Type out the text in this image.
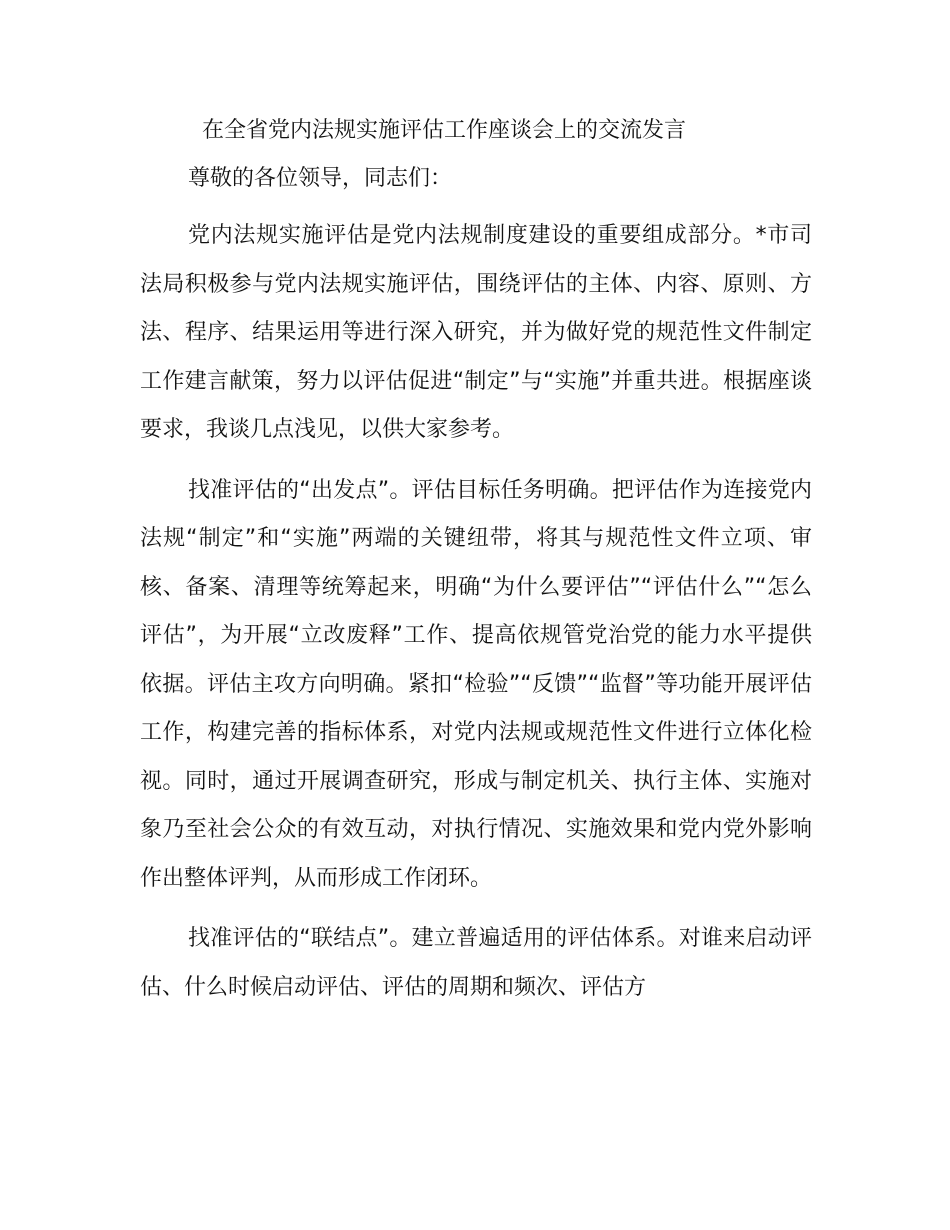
在全省党内法规实施评估工作座谈会上的交流发言

尊敬的各位领导，同志们：

党内法规实施评估是党内法规制度建设的重要组成部分。*市司法局积极参与党内法规实施评估，围绕评估的主体、内容、原则、方法、程序、结果运用等进行深入研究，并为做好党的规范性文件制定工作建言献策，努力以评估促进“制定”与“实施”并重共进。根据座谈要求，我谈几点浅见，以供大家参考。

找准评估的“出发点”。评估目标任务明确。把评估作为连接党内法规“制定”和“实施”两端的关键纽带，将其与规范性文件立项、审核、备案、清理等统筹起来，明确“为什么要评估”“评估什么”“怎么评估”，为开展“立改废释”工作、提高依规管党治党的能力水平提供依据。评估主攻方向明确。紧扣“检验”“反馈”“监督”等功能开展评估工作，构建完善的指标体系，对党内法规或规范性文件进行立体化检视。同时，通过开展调查研究，形成与制定机关、执行主体、实施对象乃至社会公众的有效互动，对执行情况、实施效果和党内党外影响作出整体评判，从而形成工作闭环。

找准评估的“联结点”。建立普遍适用的评估体系。对谁来启动评估、什么时候启动评估、评估的周期和频次、评估方
